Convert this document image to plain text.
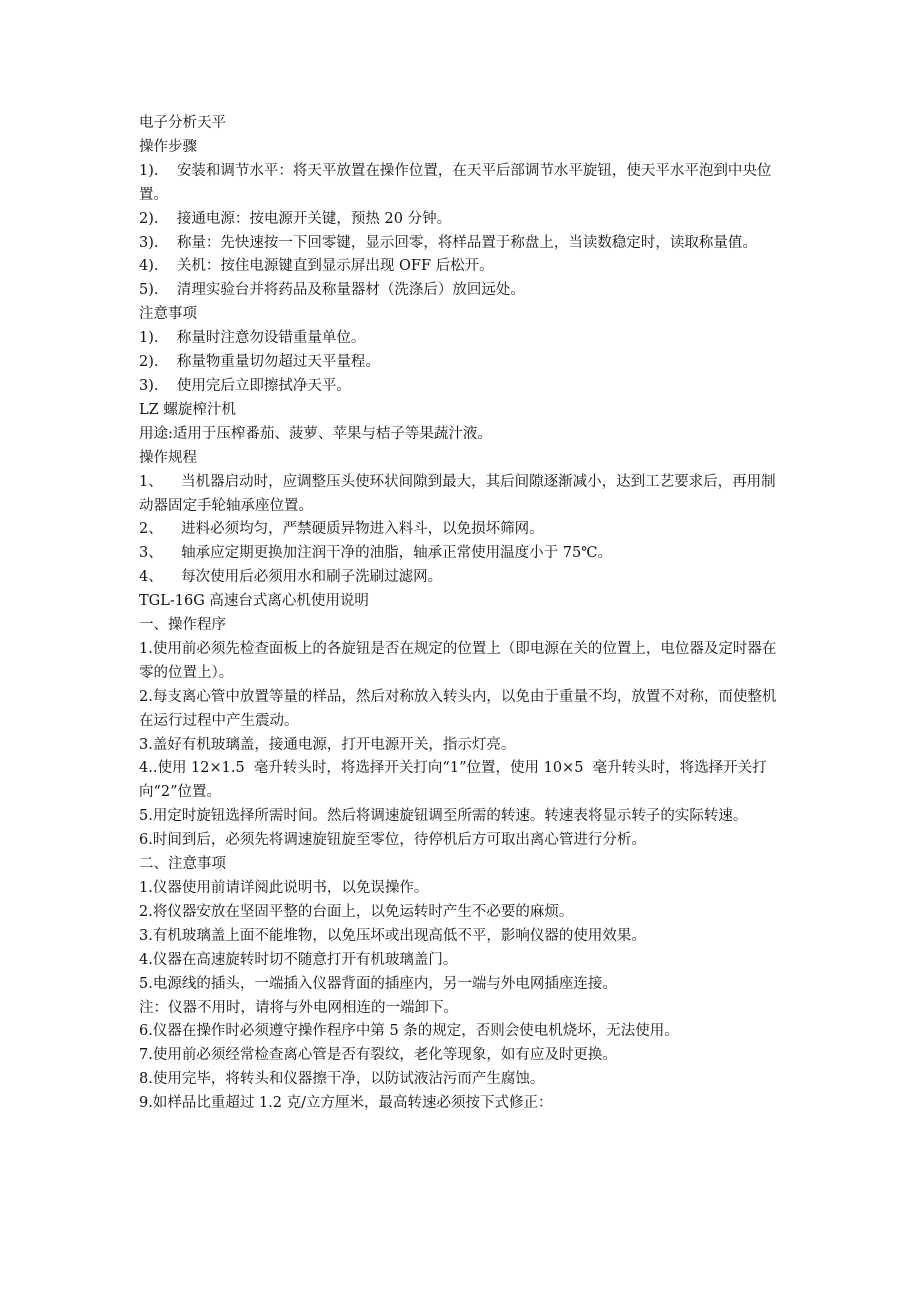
电子分析天平
操作步骤
1).    安装和调节水平：将天平放置在操作位置，在天平后部调节水平旋钮，使天平水平泡到中央位置。
2).    接通电源：按电源开关键，预热 20 分钟。
3).    称量：先快速按一下回零键，显示回零，将样品置于称盘上，当读数稳定时，读取称量值。
4).    关机：按住电源键直到显示屏出现 OFF 后松开。
5).    清理实验台并将药品及称量器材（洗涤后）放回远处。
注意事项
1).    称量时注意勿设错重量单位。
2).    称量物重量切勿超过天平量程。
3).    使用完后立即擦拭净天平。
LZ 螺旋榨汁机
用途:适用于压榨番茄、菠萝、苹果与桔子等果蔬汁液。
操作规程
1、    当机器启动时，应调整压头使环状间隙到最大，其后间隙逐渐减小，达到工艺要求后，再用制动器固定手轮轴承座位置。
2、    进料必须均匀，严禁硬质异物进入料斗，以免损坏筛网。
3、    轴承应定期更换加注润干净的油脂，轴承正常使用温度小于 75℃。
4、    每次使用后必须用水和刷子洗刷过滤网。
TGL-16G 高速台式离心机使用说明
一、操作程序
1.使用前必须先检查面板上的各旋钮是否在规定的位置上（即电源在关的位置上，电位器及定时器在零的位置上）。
2.每支离心管中放置等量的样品，然后对称放入转头内，以免由于重量不均，放置不对称，而使整机在运行过程中产生震动。
3.盖好有机玻璃盖，接通电源，打开电源开关，指示灯亮。
4..使用 12×1.5  毫升转头时，将选择开关打向“1”位置，使用 10×5  毫升转头时，将选择开关打向“2”位置。
5.用定时旋钮选择所需时间。然后将调速旋钮调至所需的转速。转速表将显示转子的实际转速。
6.时间到后，必须先将调速旋钮旋至零位，待停机后方可取出离心管进行分析。
二、注意事项
1.仪器使用前请详阅此说明书，以免误操作。
2.将仪器安放在坚固平整的台面上，以免运转时产生不必要的麻烦。
3.有机玻璃盖上面不能堆物，以免压坏或出现高低不平，影响仪器的使用效果。
4.仪器在高速旋转时切不随意打开有机玻璃盖门。
5.电源线的插头，一端插入仪器背面的插座内，另一端与外电网插座连接。
注：仪器不用时，请将与外电网相连的一端卸下。
6.仪器在操作时必须遵守操作程序中第 5 条的规定，否则会使电机烧坏，无法使用。
7.使用前必须经常检查离心管是否有裂纹，老化等现象，如有应及时更换。
8.使用完毕，将转头和仪器擦干净，以防试液沾污而产生腐蚀。
9.如样品比重超过 1.2 克/立方厘米，最高转速必须按下式修正：
